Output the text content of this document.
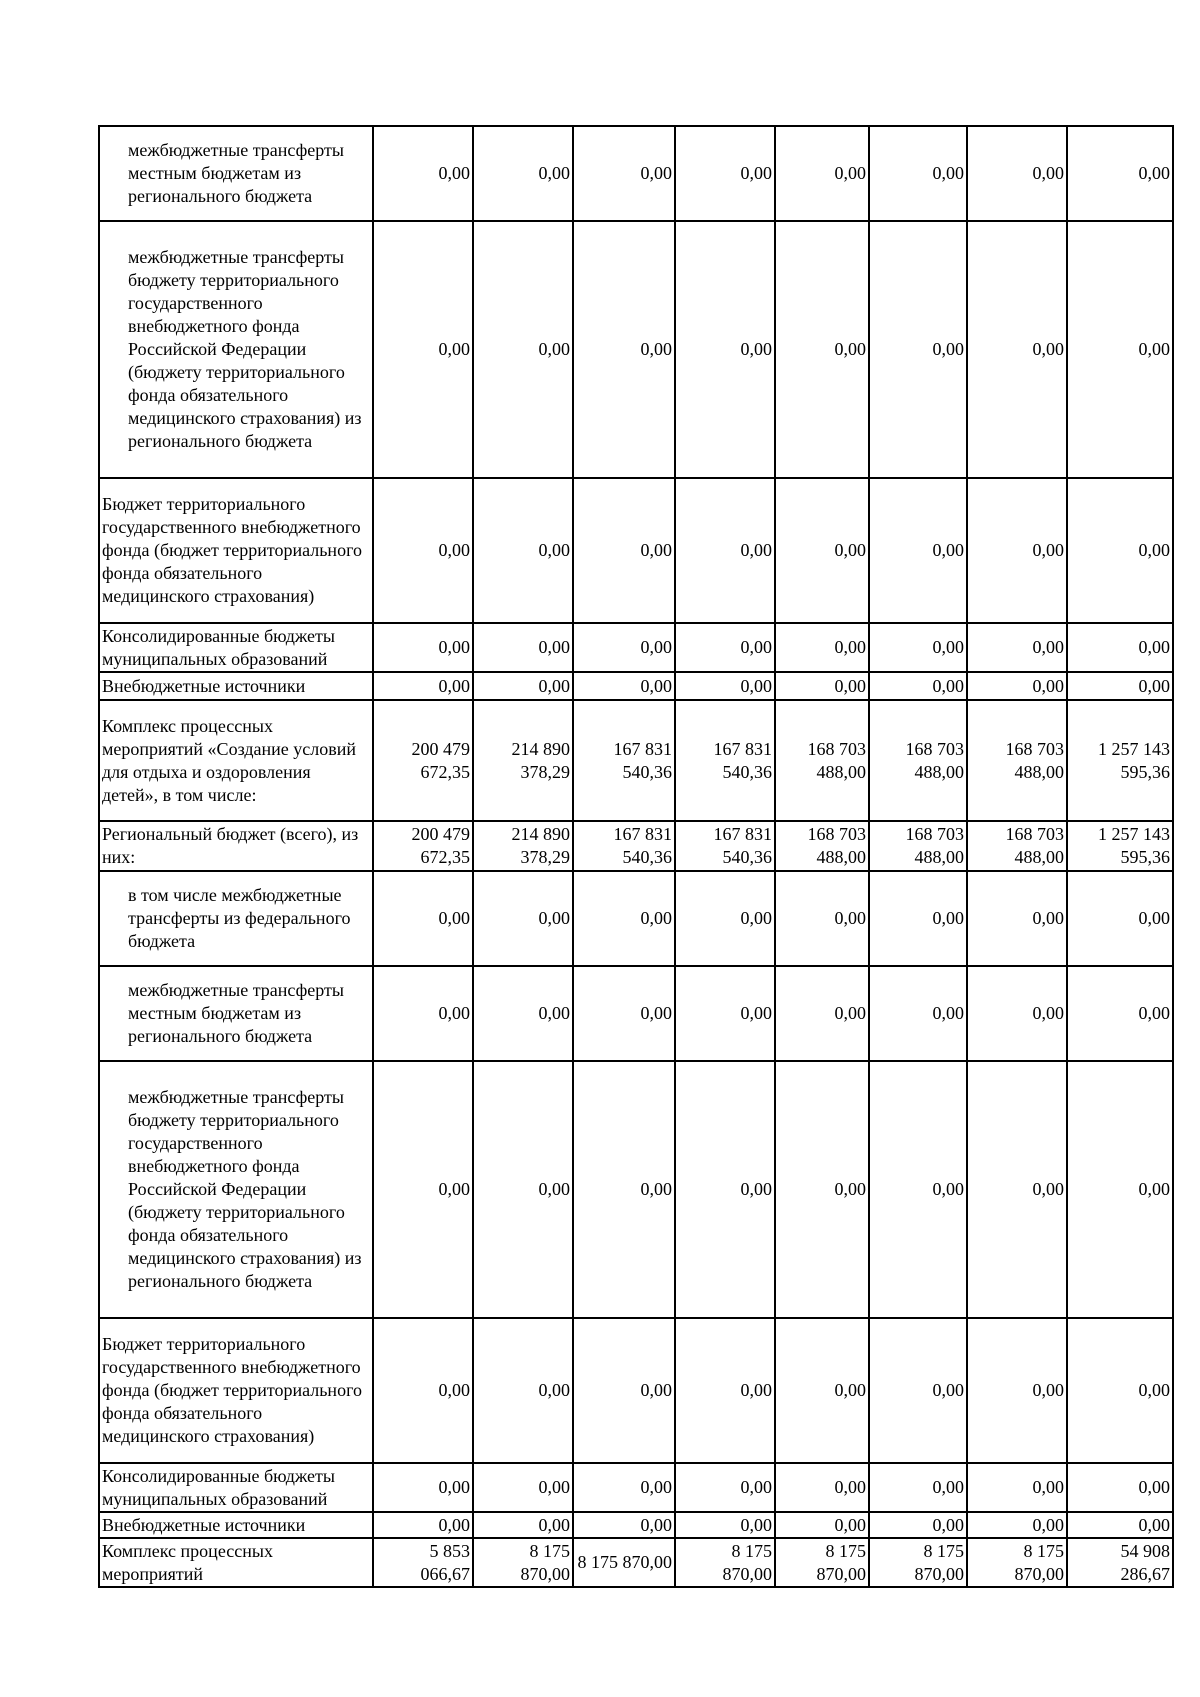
межбюджетные трансферты местным бюджетам из регионального бюджета	0,00	0,00	0,00	0,00	0,00	0,00	0,00	0,00
межбюджетные трансферты бюджету территориального государственного внебюджетного фонда Российской Федерации (бюджету территориального фонда обязательного медицинского страхования) из регионального бюджета	0,00	0,00	0,00	0,00	0,00	0,00	0,00	0,00
Бюджет территориального государственного внебюджетного фонда (бюджет территориального фонда обязательного медицинского страхования)	0,00	0,00	0,00	0,00	0,00	0,00	0,00	0,00
Консолидированные бюджеты муниципальных образований	0,00	0,00	0,00	0,00	0,00	0,00	0,00	0,00
Внебюджетные источники	0,00	0,00	0,00	0,00	0,00	0,00	0,00	0,00
Комплекс процессных мероприятий «Создание условий для отдыха и оздоровления детей», в том числе:	200 479 672,35	214 890 378,29	167 831 540,36	167 831 540,36	168 703 488,00	168 703 488,00	168 703 488,00	1 257 143 595,36
Региональный бюджет (всего), из них:	200 479 672,35	214 890 378,29	167 831 540,36	167 831 540,36	168 703 488,00	168 703 488,00	168 703 488,00	1 257 143 595,36
в том числе межбюджетные трансферты из федерального бюджета	0,00	0,00	0,00	0,00	0,00	0,00	0,00	0,00
межбюджетные трансферты местным бюджетам из регионального бюджета	0,00	0,00	0,00	0,00	0,00	0,00	0,00	0,00
межбюджетные трансферты бюджету территориального государственного внебюджетного фонда Российской Федерации (бюджету территориального фонда обязательного медицинского страхования) из регионального бюджета	0,00	0,00	0,00	0,00	0,00	0,00	0,00	0,00
Бюджет территориального государственного внебюджетного фонда (бюджет территориального фонда обязательного медицинского страхования)	0,00	0,00	0,00	0,00	0,00	0,00	0,00	0,00
Консолидированные бюджеты муниципальных образований	0,00	0,00	0,00	0,00	0,00	0,00	0,00	0,00
Внебюджетные источники	0,00	0,00	0,00	0,00	0,00	0,00	0,00	0,00
Комплекс процессных мероприятий	5 853 066,67	8 175 870,00	8 175 870,00	8 175 870,00	8 175 870,00	8 175 870,00	8 175 870,00	54 908 286,67
